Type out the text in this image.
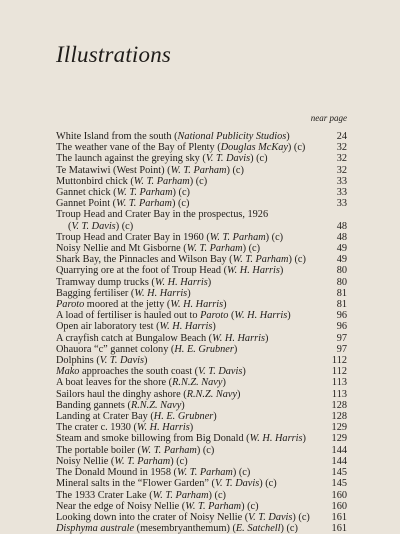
Illustrations
near page
White Island from the south (National Publicity Studios)	24
The weather vane of the Bay of Plenty (Douglas McKay) (c)	32
The launch against the greying sky (V. T. Davis) (c)	32
Te Matawiwi (West Point) (W. T. Parham) (c)	32
Muttonbird chick (W. T. Parham) (c)	33
Gannet chick (W. T. Parham) (c)	33
Gannet Point (W. T. Parham) (c)	33
Troup Head and Crater Bay in the prospectus, 1926
(V. T. Davis) (c)	48
Troup Head and Crater Bay in 1960 (W. T. Parham) (c)	48
Noisy Nellie and Mt Gisborne (W. T. Parham) (c)	49
Shark Bay, the Pinnacles and Wilson Bay (W. T. Parham) (c)	49
Quarrying ore at the foot of Troup Head (W. H. Harris)	80
Tramway dump trucks (W. H. Harris)	80
Bagging fertiliser (W. H. Harris)	81
Paroto moored at the jetty (W. H. Harris)	81
A load of fertiliser is hauled out to Paroto (W. H. Harris)	96
Open air laboratory test (W. H. Harris)	96
A crayfish catch at Bungalow Beach (W. H. Harris)	97
Ohauora “c” gannet colony (H. E. Grubner)	97
Dolphins (V. T. Davis)	112
Mako approaches the south coast (V. T. Davis)	112
A boat leaves for the shore (R.N.Z. Navy)	113
Sailors haul the dinghy ashore (R.N.Z. Navy)	113
Banding gannets (R.N.Z. Navy)	128
Landing at Crater Bay (H. E. Grubner)	128
The crater c. 1930 (W. H. Harris)	129
Steam and smoke billowing from Big Donald (W. H. Harris)	129
The portable boiler (W. T. Parham) (c)	144
Noisy Nellie (W. T. Parham) (c)	144
The Donald Mound in 1958 (W. T. Parham) (c)	145
Mineral salts in the “Flower Garden” (V. T. Davis) (c)	145
The 1933 Crater Lake (W. T. Parham) (c)	160
Near the edge of Noisy Nellie (W. T. Parham) (c)	160
Looking down into the crater of Noisy Nellie (V. T. Davis) (c)	161
Disphyma australe (mesembryanthemum) (E. Satchell) (c)	161
